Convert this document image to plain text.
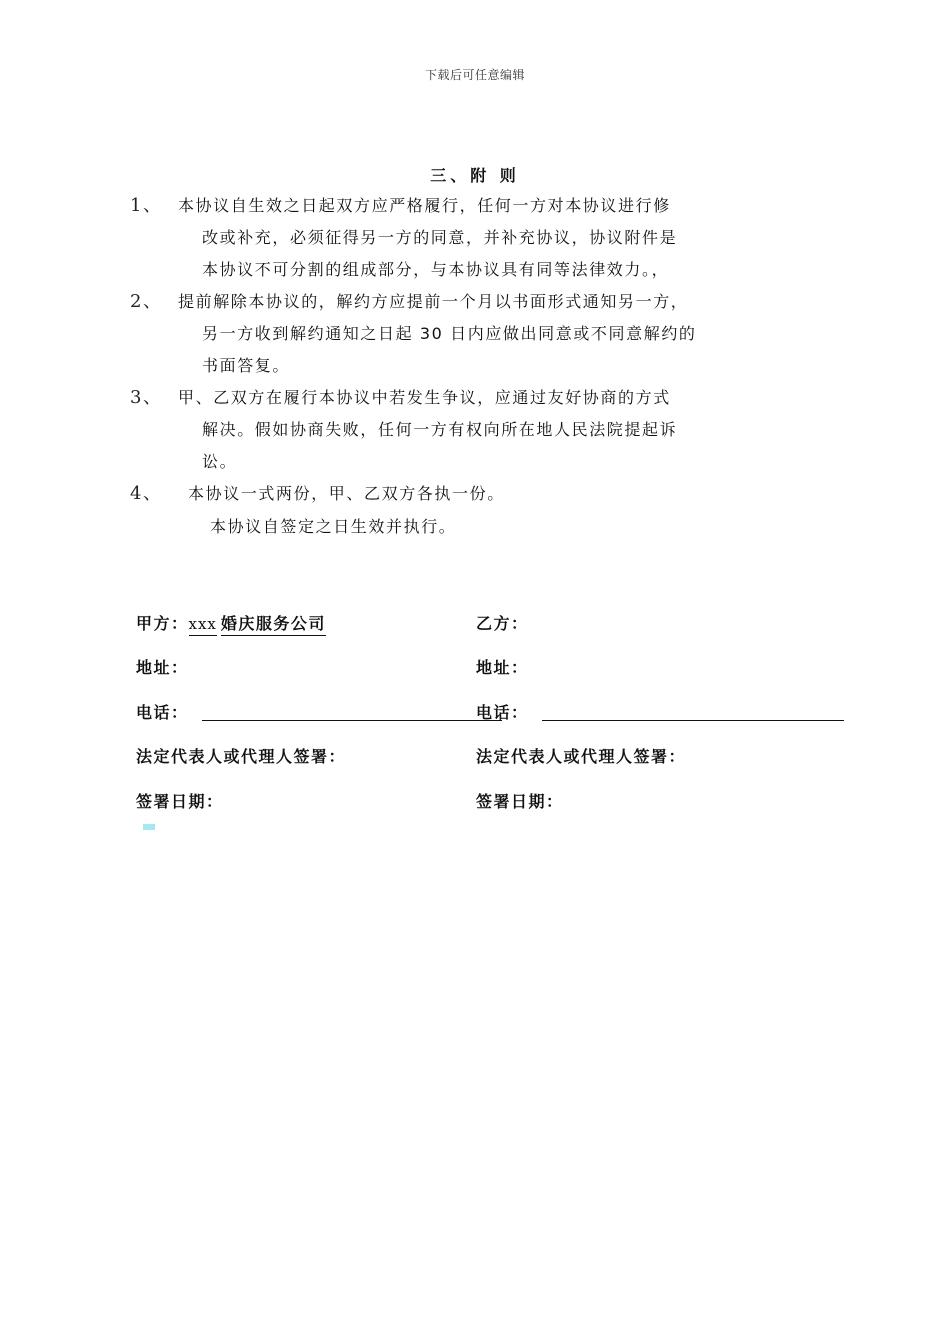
下载后可任意编辑
三、附 则
1、 本协议自生效之日起双方应严格履行，任何一方对本协议进行修
改或补充，必须征得另一方的同意，并补充协议，协议附件是
本协议不可分割的组成部分，与本协议具有同等法律效力。，
2、 提前解除本协议的，解约方应提前一个月以书面形式通知另一方，
另一方收到解约通知之日起 30 日内应做出同意或不同意解约的
书面答复。
3、 甲、乙双方在履行本协议中若发生争议，应通过友好协商的方式
解决。假如协商失败，任何一方有权向所在地人民法院提起诉
讼。
4、	本协议一式两份，甲、乙双方各执一份。
本协议自签定之日生效并执行。
甲方：xxx 婚庆服务公司
地址：
电话：
法定代表人或代理人签署：
签署日期：
乙方：
地址：
电话：
法定代表人或代理人签署：
签署日期：
